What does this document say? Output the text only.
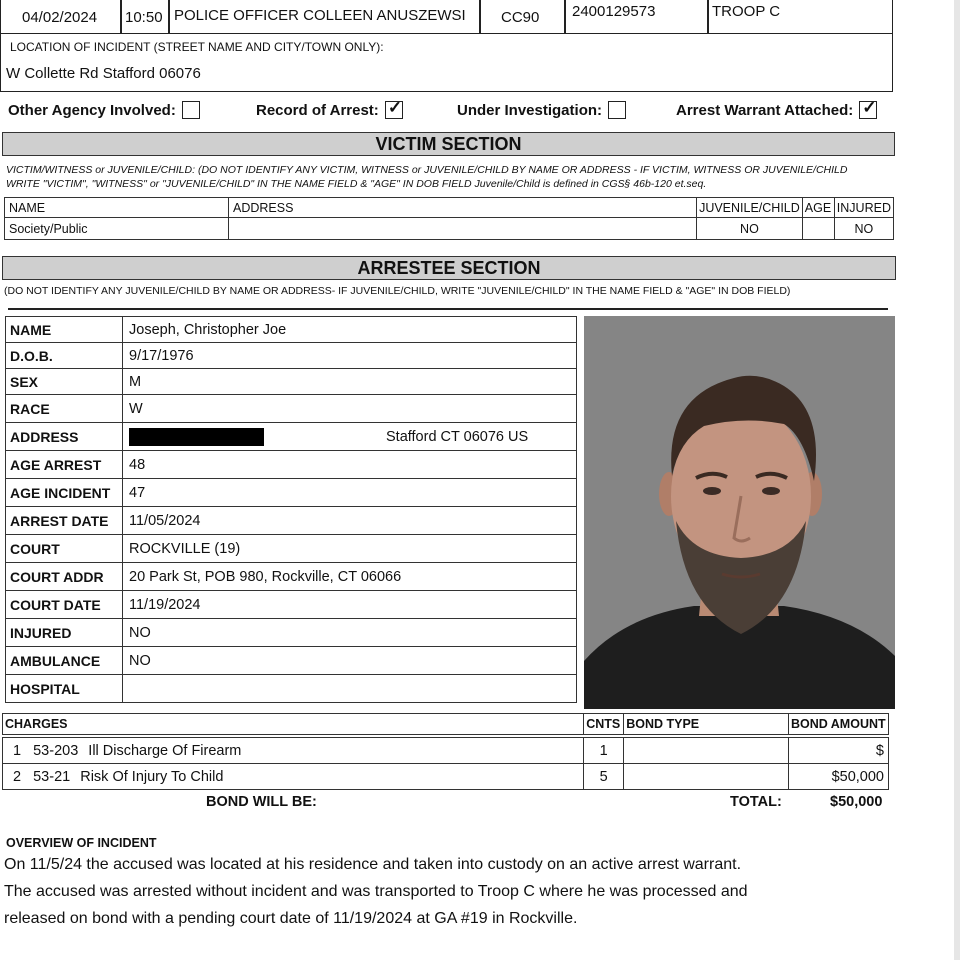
04/02/2024 10:50 POLICE OFFICER COLLEEN ANUSZEWSI CC90 2400129573	TROOP C
LOCATION OF INCIDENT (STREET NAME AND CITY/TOWN ONLY):
W Collette Rd Stafford 06076
Other Agency Involved:	Record of Arrest: ✓	Under Investigation:	Arrest Warrant Attached: ✓
VICTIM SECTION
VICTIM/WITNESS or JUVENILE/CHILD: (DO NOT IDENTIFY ANY VICTIM, WITNESS or JUVENILE/CHILD BY NAME OR ADDRESS - IF VICTIM, WITNESS OR JUVENILE/CHILD
WRITE "VICTIM", "WITNESS" or "JUVENILE/CHILD" IN THE NAME FIELD & "AGE" IN DOB FIELD Juvenile/Child is defined in CGS§ 46b-120 et.seq.
NAME	ADDRESS	JUVENILE/CHILD	AGE	INJURED
Society/Public		NO		NO
ARRESTEE SECTION
(DO NOT IDENTIFY ANY JUVENILE/CHILD BY NAME OR ADDRESS- IF JUVENILE/CHILD, WRITE "JUVENILE/CHILD" IN THE NAME FIELD & "AGE" IN DOB FIELD)
NAME	Joseph, Christopher Joe
D.O.B.	9/17/1976
SEX	M
RACE	W
ADDRESS	Stafford CT 06076 US
AGE ARREST	48
AGE INCIDENT	47
ARREST DATE	11/05/2024
COURT	ROCKVILLE (19)
COURT ADDR	20 Park St, POB 980, Rockville, CT 06066
COURT DATE	11/19/2024
INJURED	NO
AMBULANCE	NO
HOSPITAL	
CHARGES	CNTS	BOND TYPE	BOND AMOUNT

1 53-203 Ill Discharge Of Firearm	1		$
2 53-21 Risk Of Injury To Child	5		$50,000
BOND WILL BE:	TOTAL:	$50,000
OVERVIEW OF INCIDENT
On 11/5/24 the accused was located at his residence and taken into custody on an active arrest warrant.
The accused was arrested without incident and was transported to Troop C where he was processed and
released on bond with a pending court date of 11/19/2024 at GA #19 in Rockville.
